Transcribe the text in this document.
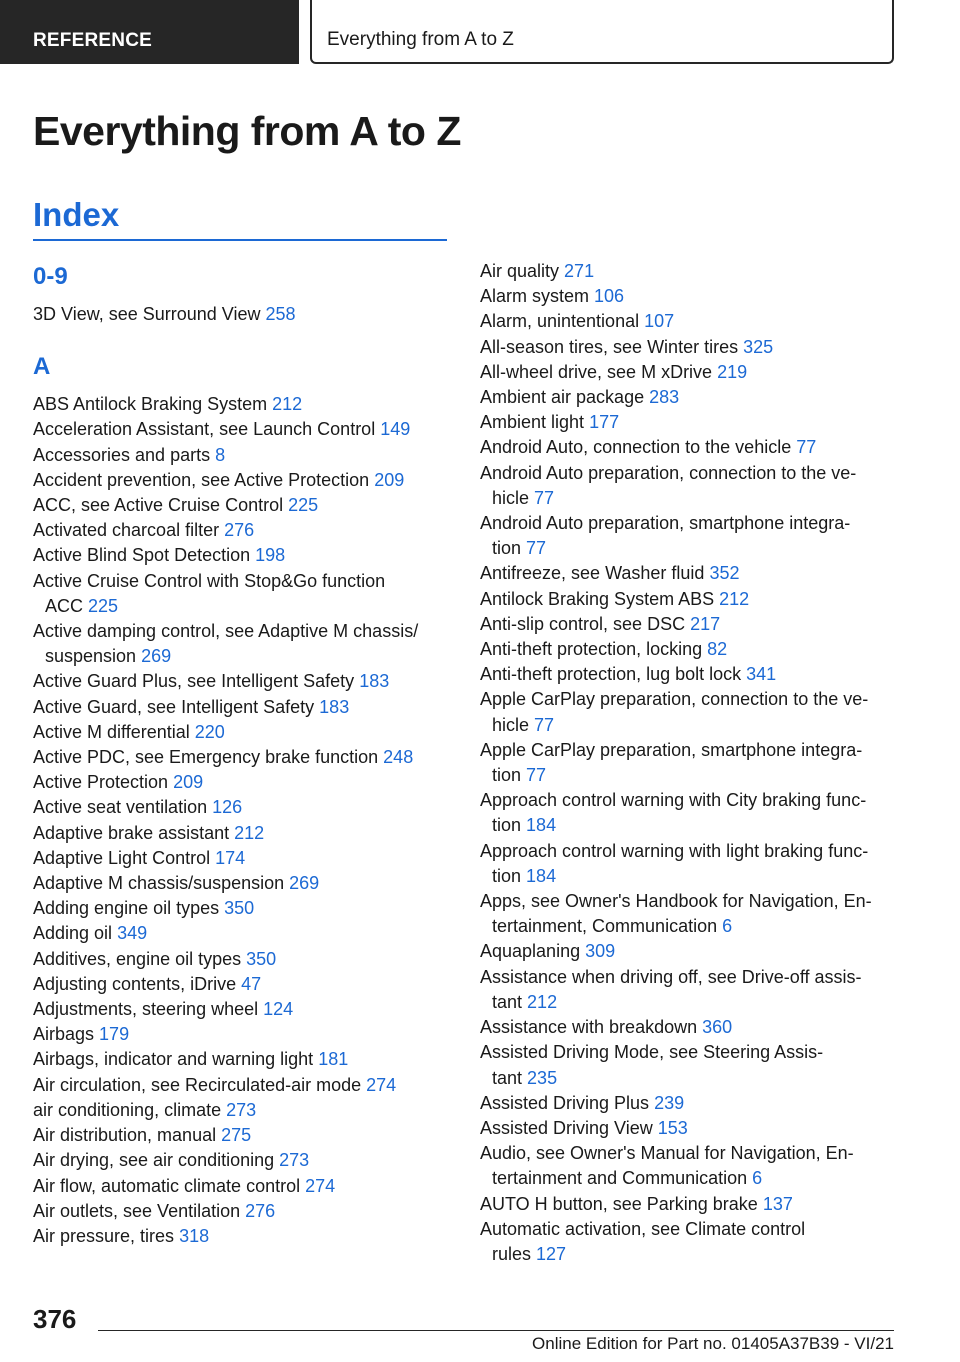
REFERENCE	Everything from A to Z
Everything from A to Z
Index
0-9
3D View, see Surround View 258
A
ABS Antilock Braking System 212
Acceleration Assistant, see Launch Control 149
Accessories and parts 8
Accident prevention, see Active Protection 209
ACC, see Active Cruise Control 225
Activated charcoal filter 276
Active Blind Spot Detection 198
Active Cruise Control with Stop&Go function
ACC 225
Active damping control, see Adaptive M chassis/
suspension 269
Active Guard Plus, see Intelligent Safety 183
Active Guard, see Intelligent Safety 183
Active M differential 220
Active PDC, see Emergency brake function 248
Active Protection 209
Active seat ventilation 126
Adaptive brake assistant 212
Adaptive Light Control 174
Adaptive M chassis/suspension 269
Adding engine oil types 350
Adding oil 349
Additives, engine oil types 350
Adjusting contents, iDrive 47
Adjustments, steering wheel 124
Airbags 179
Airbags, indicator and warning light 181
Air circulation, see Recirculated-air mode 274
air conditioning, climate 273
Air distribution, manual 275
Air drying, see air conditioning 273
Air flow, automatic climate control 274
Air outlets, see Ventilation 276
Air pressure, tires 318
Air quality 271
Alarm system 106
Alarm, unintentional 107
All-season tires, see Winter tires 325
All-wheel drive, see M xDrive 219
Ambient air package 283
Ambient light 177
Android Auto, connection to the vehicle 77
Android Auto preparation, connection to the ve-
hicle 77
Android Auto preparation, smartphone integra-
tion 77
Antifreeze, see Washer fluid 352
Antilock Braking System ABS 212
Anti-slip control, see DSC 217
Anti-theft protection, locking 82
Anti-theft protection, lug bolt lock 341
Apple CarPlay preparation, connection to the ve-
hicle 77
Apple CarPlay preparation, smartphone integra-
tion 77
Approach control warning with City braking func-
tion 184
Approach control warning with light braking func-
tion 184
Apps, see Owner's Handbook for Navigation, En-
tertainment, Communication 6
Aquaplaning 309
Assistance when driving off, see Drive-off assis-
tant 212
Assistance with breakdown 360
Assisted Driving Mode, see Steering Assis-
tant 235
Assisted Driving Plus 239
Assisted Driving View 153
Audio, see Owner's Manual for Navigation, En-
tertainment and Communication 6
AUTO H button, see Parking brake 137
Automatic activation, see Climate control
rules 127
376
Online Edition for Part no. 01405A37B39 - VI/21
